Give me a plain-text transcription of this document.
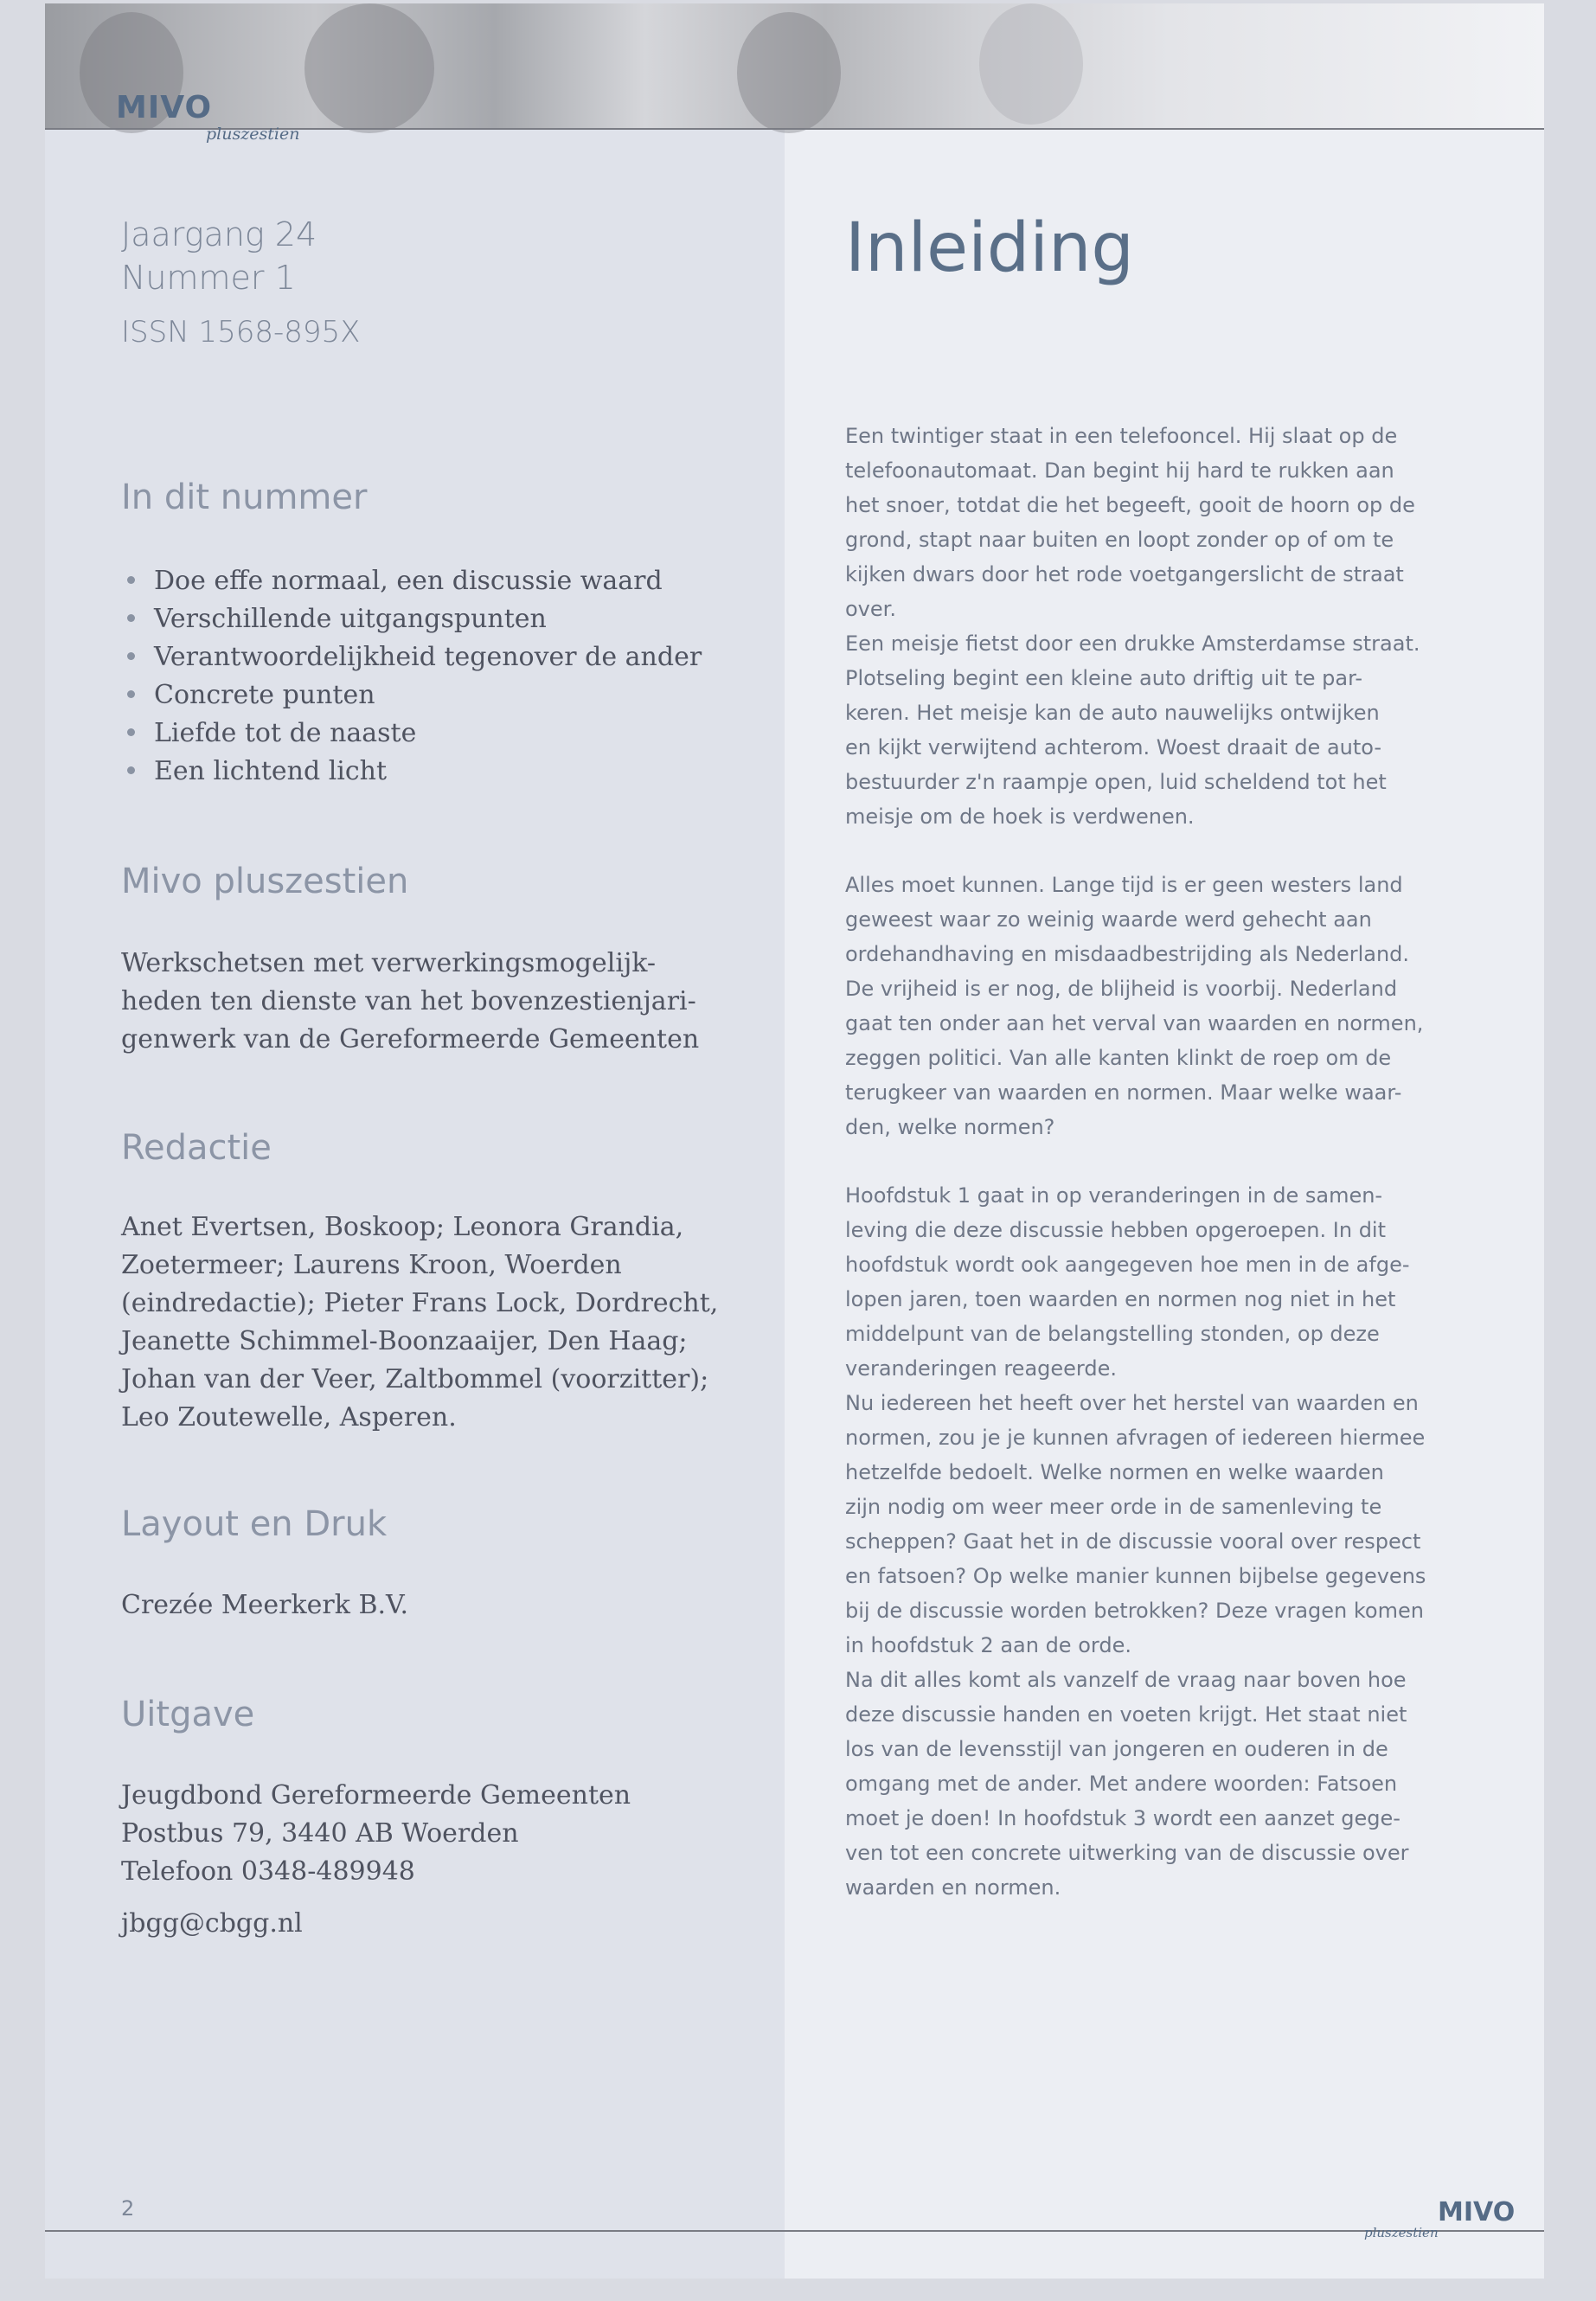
MIVO
pluszestien
Jaargang 24
Nummer 1
ISSN 1568-895X
In dit nummer
Doe effe normaal, een discussie waard
Verschillende uitgangspunten
Verantwoordelijkheid tegenover de ander
Concrete punten
Liefde tot de naaste
Een lichtend licht
Mivo pluszestien

Werkschetsen met verwerkingsmogelijk-

heden ten dienste van het bovenzestienjari-

genwerk van de Gereformeerde Gemeenten

Redactie

Anet Evertsen, Boskoop; Leonora Grandia,

Zoetermeer; Laurens Kroon, Woerden

(eindredactie); Pieter Frans Lock, Dordrecht,

Jeanette Schimmel-Boonzaaijer, Den Haag;

Johan van der Veer, Zaltbommel (voorzitter);

Leo Zoutewelle, Asperen.

Layout en Druk
Crezée Meerkerk B.V.
Uitgave

Jeugdbond Gereformeerde Gemeenten

Postbus 79, 3440 AB Woerden

Telefoon 0348-489948

jbgg@cbgg.nl
Inleiding

Een twintiger staat in een telefooncel. Hij slaat op de

telefoonautomaat. Dan begint hij hard te rukken aan

het snoer, totdat die het begeeft, gooit de hoorn op de

grond, stapt naar buiten en loopt zonder op of om te

kijken dwars door het rode voetgangerslicht de straat

over.

Een meisje fietst door een drukke Amsterdamse straat.

Plotseling begint een kleine auto driftig uit te par-

keren. Het meisje kan de auto nauwelijks ontwijken

en kijkt verwijtend achterom. Woest draait de auto-

bestuurder z'n raampje open, luid scheldend tot het

meisje om de hoek is verdwenen.

Alles moet kunnen. Lange tijd is er geen westers land

geweest waar zo weinig waarde werd gehecht aan

ordehandhaving en misdaadbestrijding als Nederland.

De vrijheid is er nog, de blijheid is voorbij. Nederland

gaat ten onder aan het verval van waarden en normen,

zeggen politici. Van alle kanten klinkt de roep om de

terugkeer van waarden en normen. Maar welke waar-

den, welke normen?

Hoofdstuk 1 gaat in op veranderingen in de samen-

leving die deze discussie hebben opgeroepen. In dit

hoofdstuk wordt ook aangegeven hoe men in de afge-

lopen jaren, toen waarden en normen nog niet in het

middelpunt van de belangstelling stonden, op deze

veranderingen reageerde.

Nu iedereen het heeft over het herstel van waarden en

normen, zou je je kunnen afvragen of iedereen hiermee

hetzelfde bedoelt. Welke normen en welke waarden

zijn nodig om weer meer orde in de samenleving te

scheppen? Gaat het in de discussie vooral over respect

en fatsoen? Op welke manier kunnen bijbelse gegevens

bij de discussie worden betrokken? Deze vragen komen

in hoofdstuk 2 aan de orde.

Na dit alles komt als vanzelf de vraag naar boven hoe

deze discussie handen en voeten krijgt. Het staat niet

los van de levensstijl van jongeren en ouderen in de

omgang met de ander. Met andere woorden: Fatsoen

moet je doen! In hoofdstuk 3 wordt een aanzet gege-

ven tot een concrete uitwerking van de discussie over

waarden en normen.

2	MIVO
pluszestien
